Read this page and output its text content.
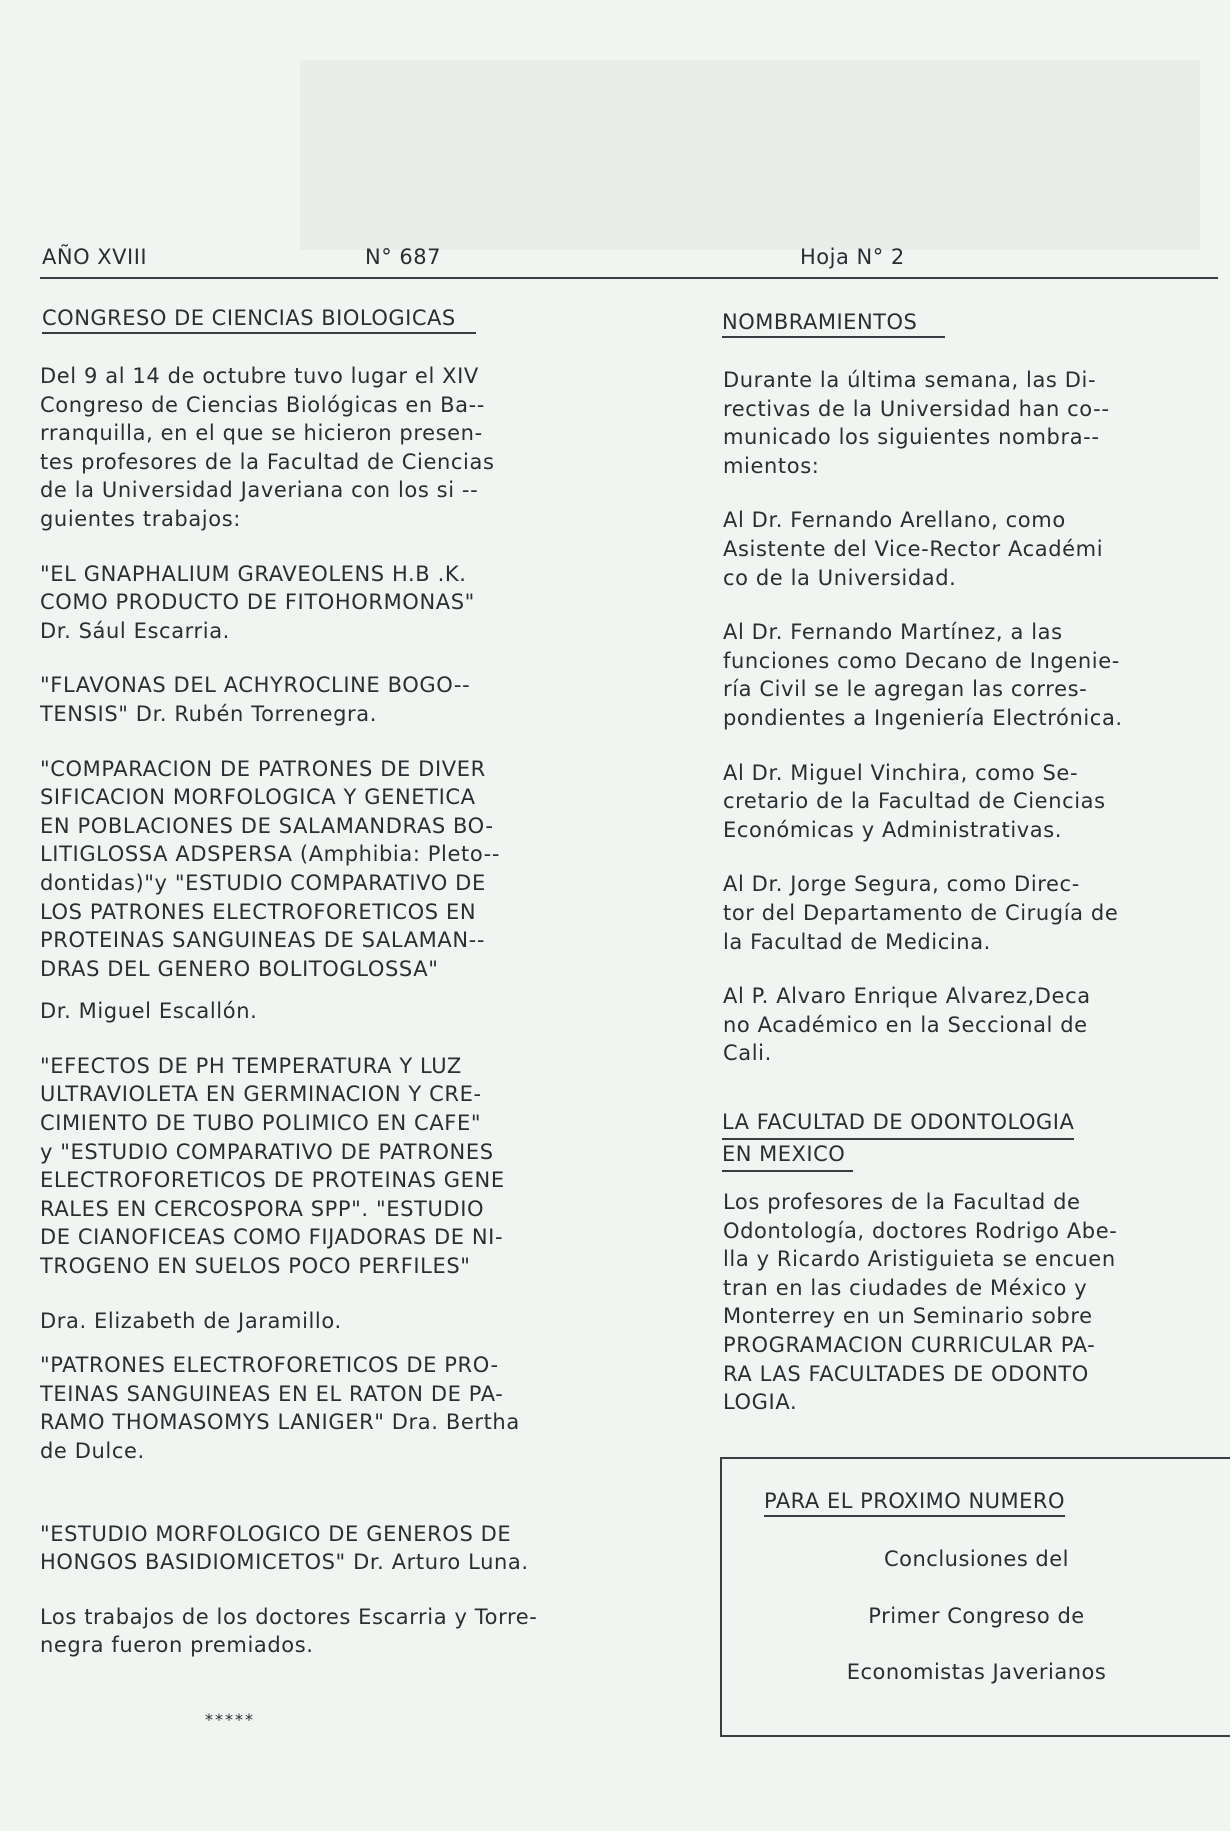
AÑO XVIII	N° 687	Hoja N° 2
CONGRESO DE CIENCIAS BIOLOGICAS

Del 9 al 14 de octubre tuvo lugar el XIV
Congreso de Ciencias Biológicas en Ba--
rranquilla, en el que se hicieron presen-
tes profesores de la Facultad de Ciencias
de la Universidad Javeriana con los si --
guientes trabajos:

"EL GNAPHALIUM GRAVEOLENS H.B .K.
COMO PRODUCTO DE FITOHORMONAS"
Dr. Sául Escarria.

"FLAVONAS DEL ACHYROCLINE BOGO--
TENSIS" Dr. Rubén Torrenegra.

"COMPARACION DE PATRONES DE DIVER
SIFICACION MORFOLOGICA Y GENETICA
EN POBLACIONES DE SALAMANDRAS BO-
LITIGLOSSA ADSPERSA (Amphibia: Pleto--
dontidas)"y "ESTUDIO COMPARATIVO DE
LOS PATRONES ELECTROFORETICOS EN
PROTEINAS SANGUINEAS DE SALAMAN--
DRAS DEL GENERO BOLITOGLOSSA"

Dr. Miguel Escallón.

"EFECTOS DE PH TEMPERATURA Y LUZ
ULTRAVIOLETA EN GERMINACION Y CRE-
CIMIENTO DE TUBO POLIMICO EN CAFE"
y "ESTUDIO COMPARATIVO DE PATRONES
ELECTROFORETICOS DE PROTEINAS GENE
RALES EN CERCOSPORA SPP". "ESTUDIO
DE CIANOFICEAS COMO FIJADORAS DE NI-
TROGENO EN SUELOS POCO PERFILES"

Dra. Elizabeth de Jaramillo.

"PATRONES ELECTROFORETICOS DE PRO-
TEINAS SANGUINEAS EN EL RATON DE PA-
RAMO THOMASOMYS LANIGER" Dra. Bertha
de Dulce.

"ESTUDIO MORFOLOGICO DE GENEROS DE
HONGOS BASIDIOMICETOS" Dr. Arturo Luna.

Los trabajos de los doctores Escarria y Torre-
negra fueron premiados.

*****
NOMBRAMIENTOS

Durante la última semana, las Di-
rectivas de la Universidad han co--
municado los siguientes nombra--
mientos:

Al Dr. Fernando Arellano, como
Asistente del Vice-Rector Académi
co de la Universidad.

Al Dr. Fernando Martínez, a las
funciones como Decano de Ingenie-
ría Civil se le agregan las corres-
pondientes a Ingeniería Electrónica.

Al Dr. Miguel Vinchira, como Se-
cretario de la Facultad de Ciencias
Económicas y Administrativas.

Al Dr. Jorge Segura, como Direc-
tor del Departamento de Cirugía de
la Facultad de Medicina.

Al P. Alvaro Enrique Alvarez,Deca
no Académico en la Seccional de
Cali.

LA FACULTAD DE ODONTOLOGIA
EN MEXICO

Los profesores de la Facultad de
Odontología, doctores Rodrigo Abe-
lla y Ricardo Aristiguieta se encuen
tran en las ciudades de México y
Monterrey en un Seminario sobre
PROGRAMACION CURRICULAR PA-
RA LAS FACULTADES DE ODONTO
LOGIA.

PARA EL PROXIMO NUMERO
Conclusiones del
Primer Congreso de
Economistas Javerianos
